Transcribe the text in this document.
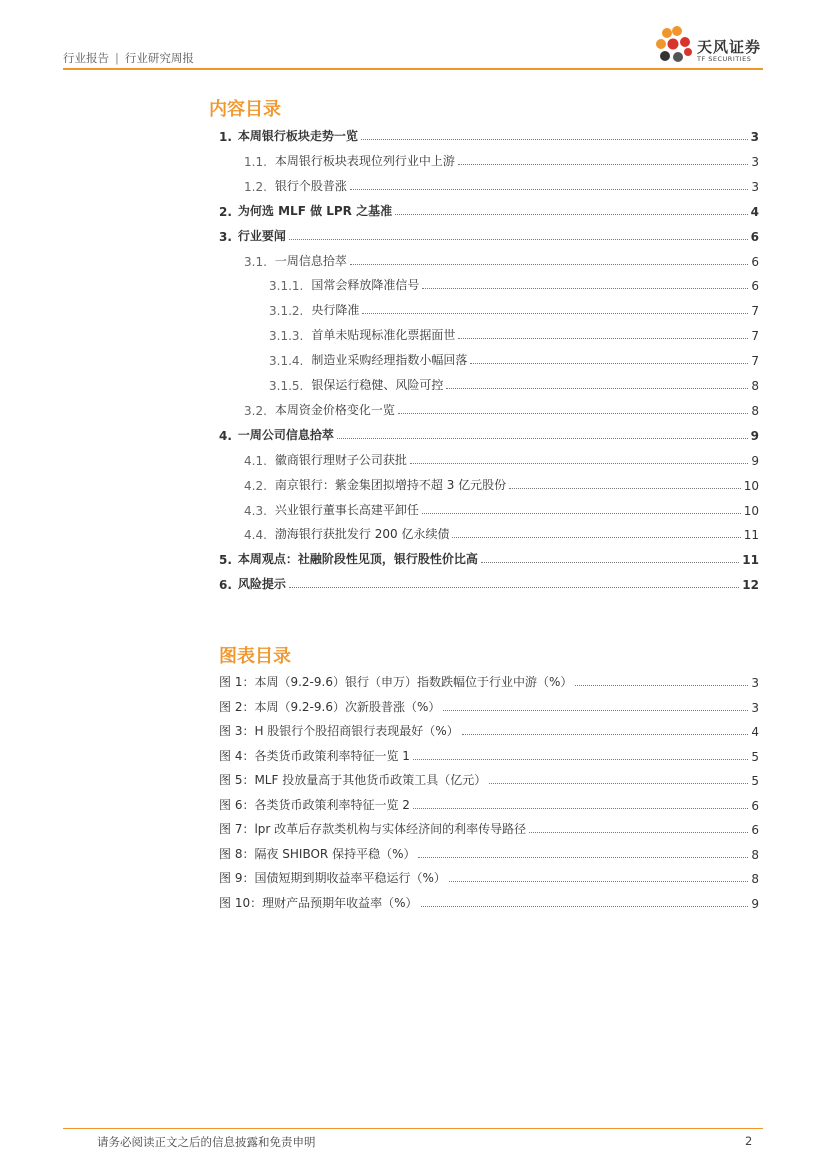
行业报告 | 行业研究周报
天风证券
TF SECURITIES
内容目录
1. 本周银行板块走势一览	3
1.1. 本周银行板块表现位列行业中上游	3
1.2. 银行个股普涨	3
2. 为何选 MLF 做 LPR 之基准	4
3. 行业要闻	6
3.1. 一周信息拾萃	6
3.1.1. 国常会释放降准信号	6
3.1.2. 央行降准	7
3.1.3. 首单未贴现标准化票据面世	7
3.1.4. 制造业采购经理指数小幅回落	7
3.1.5. 银保运行稳健、风险可控	8
3.2. 本周资金价格变化一览	8
4. 一周公司信息拾萃	9
4.1. 徽商银行理财子公司获批	9
4.2. 南京银行：紫金集团拟增持不超 3 亿元股份	10
4.3. 兴业银行董事长高建平卸任	10
4.4. 渤海银行获批发行 200 亿永续债	11
5. 本周观点：社融阶段性见顶，银行股性价比高	11
6. 风险提示	12
图表目录
图 1：本周（9.2-9.6）银行（申万）指数跌幅位于行业中游（%）	3
图 2：本周（9.2-9.6）次新股普涨（%）	3
图 3：H 股银行个股招商银行表现最好（%）	4
图 4：各类货币政策利率特征一览 1	5
图 5：MLF 投放量高于其他货币政策工具（亿元）	5
图 6：各类货币政策利率特征一览 2	6
图 7：lpr 改革后存款类机构与实体经济间的利率传导路径	6
图 8：隔夜 SHIBOR 保持平稳（%）	8
图 9：国债短期到期收益率平稳运行（%）	8
图 10：理财产品预期年收益率（%）	9
请务必阅读正文之后的信息披露和免责申明	2
